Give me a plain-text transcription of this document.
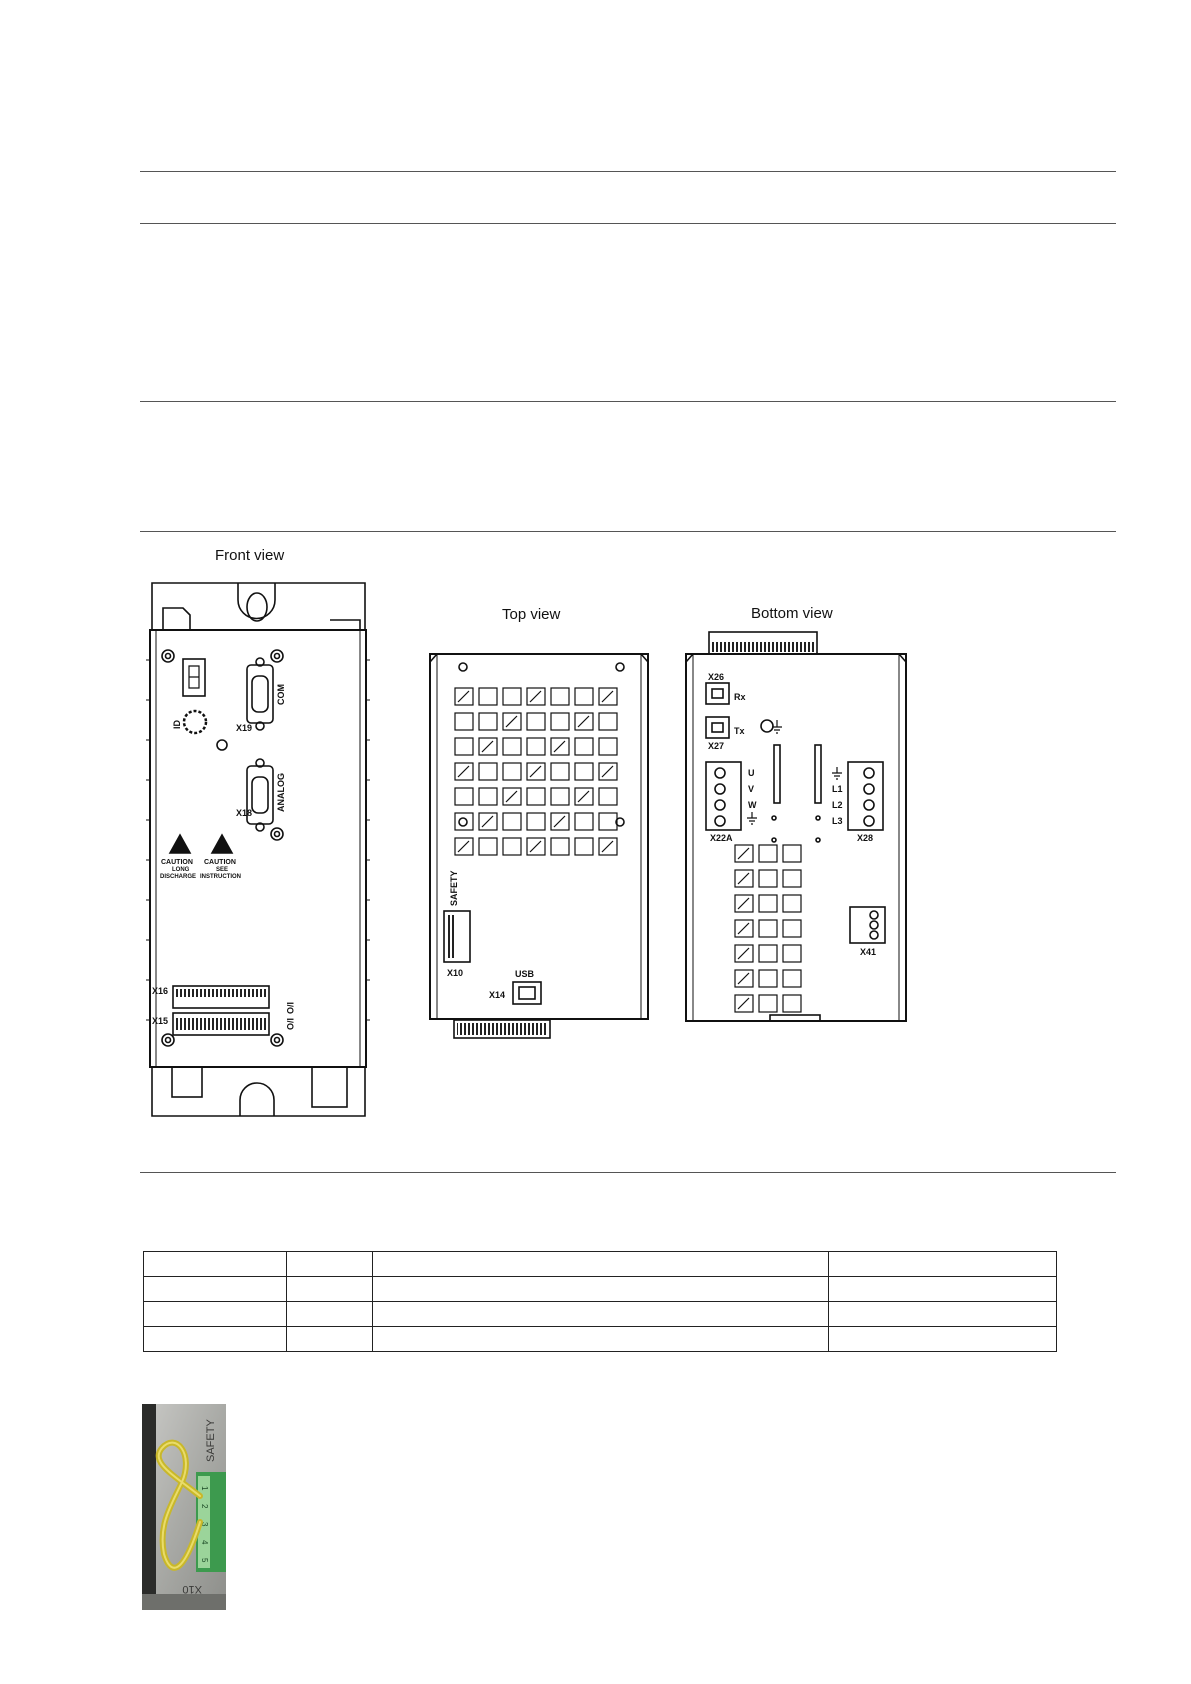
Front view
Top view	Bottom view
ID
COM
X19
ANALOG
X18
CAUTION
LONG
DISCHARGE
CAUTION
SEE
INSTRUCTION
X16
I/O
X15	I/O
SAFETY
X10	USB
X14
X26
Rx
Tx
X27
U
V
W
X22A
L1
L2
L3
X28
X41

1
2
3
4
5
SAFETY
X10
